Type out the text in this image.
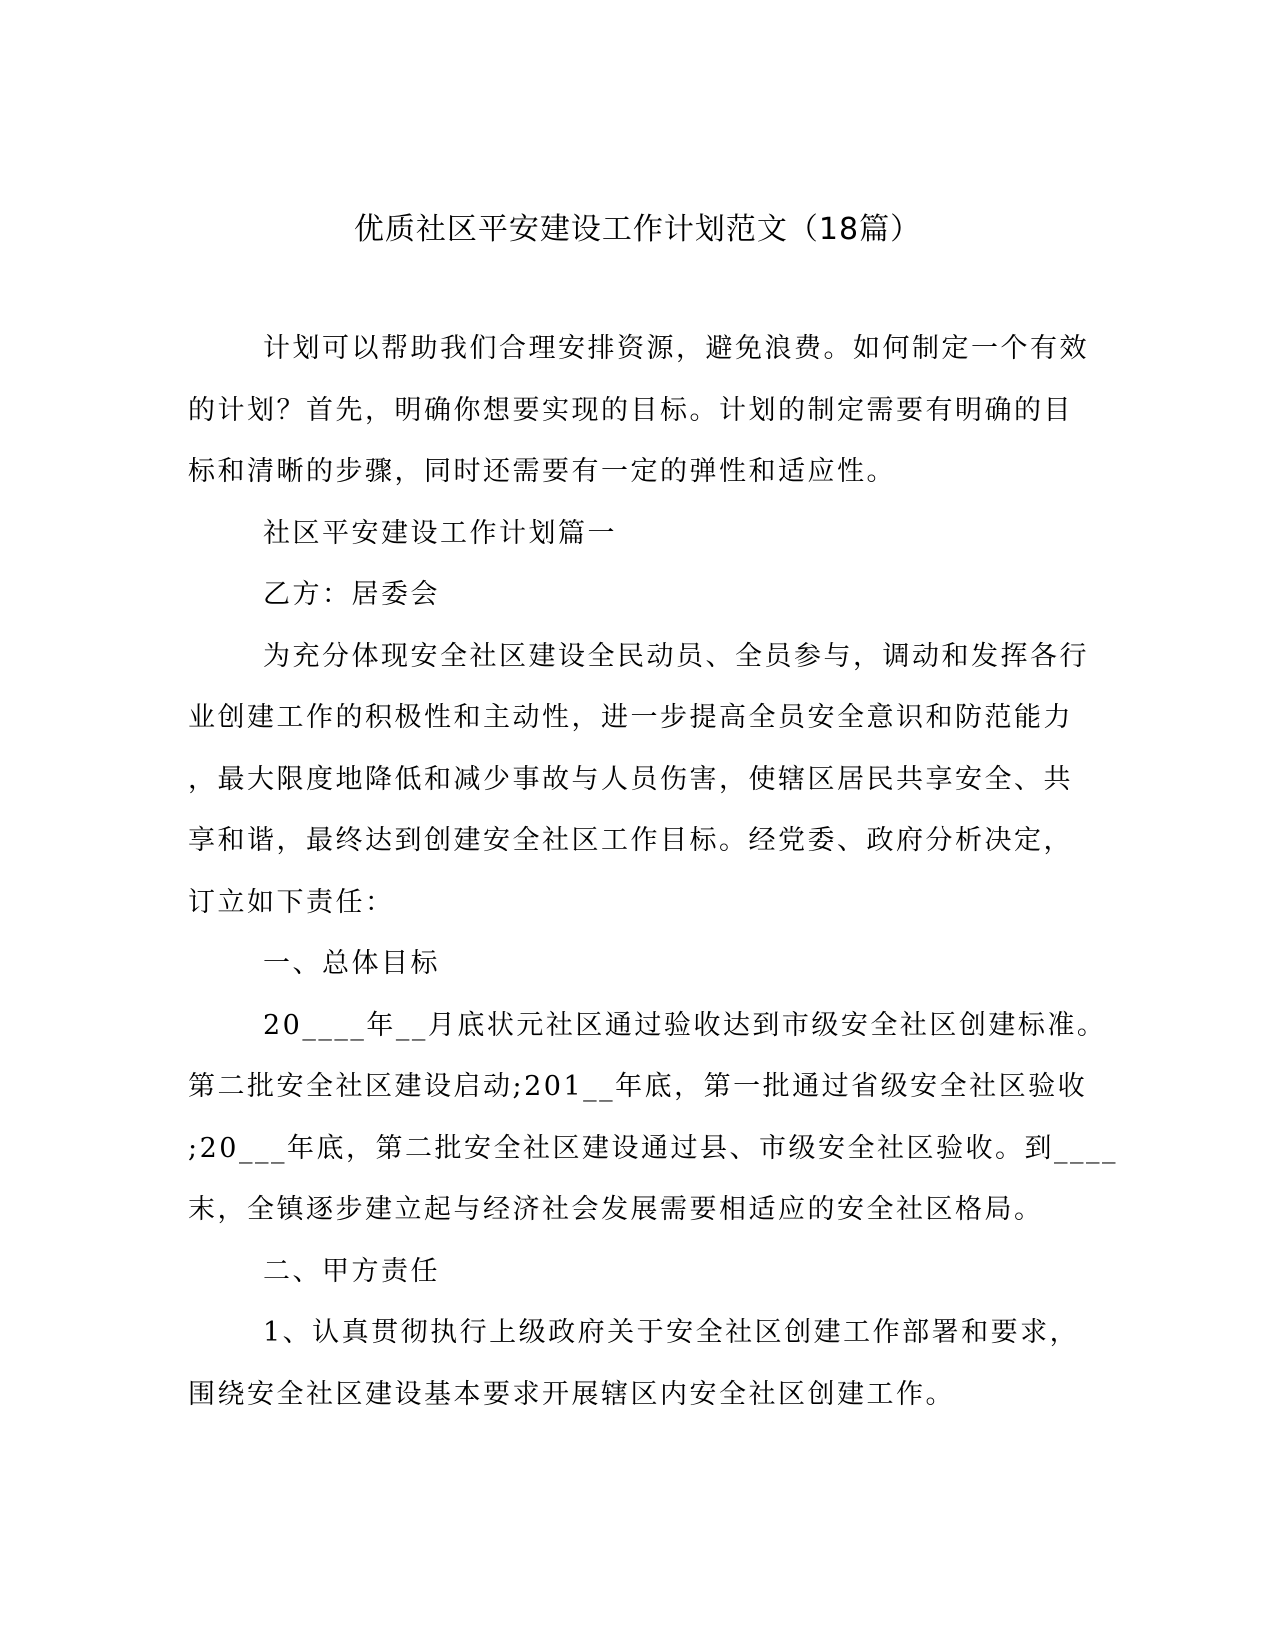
优质社区平安建设工作计划范文（18篇）
计划可以帮助我们合理安排资源，避免浪费。如何制定一个有效
的计划？首先，明确你想要实现的目标。计划的制定需要有明确的目
标和清晰的步骤，同时还需要有一定的弹性和适应性。
社区平安建设工作计划篇一
乙方：居委会
为充分体现安全社区建设全民动员、全员参与，调动和发挥各行
业创建工作的积极性和主动性，进一步提高全员安全意识和防范能力
，最大限度地降低和减少事故与人员伤害，使辖区居民共享安全、共
享和谐，最终达到创建安全社区工作目标。经党委、政府分析决定，
订立如下责任：
一、总体目标
20____年__月底状元社区通过验收达到市级安全社区创建标准。
第二批安全社区建设启动;201__年底，第一批通过省级安全社区验收
;20___年底，第二批安全社区建设通过县、市级安全社区验收。到____
末，全镇逐步建立起与经济社会发展需要相适应的安全社区格局。
二、甲方责任
1、认真贯彻执行上级政府关于安全社区创建工作部署和要求，
围绕安全社区建设基本要求开展辖区内安全社区创建工作。
